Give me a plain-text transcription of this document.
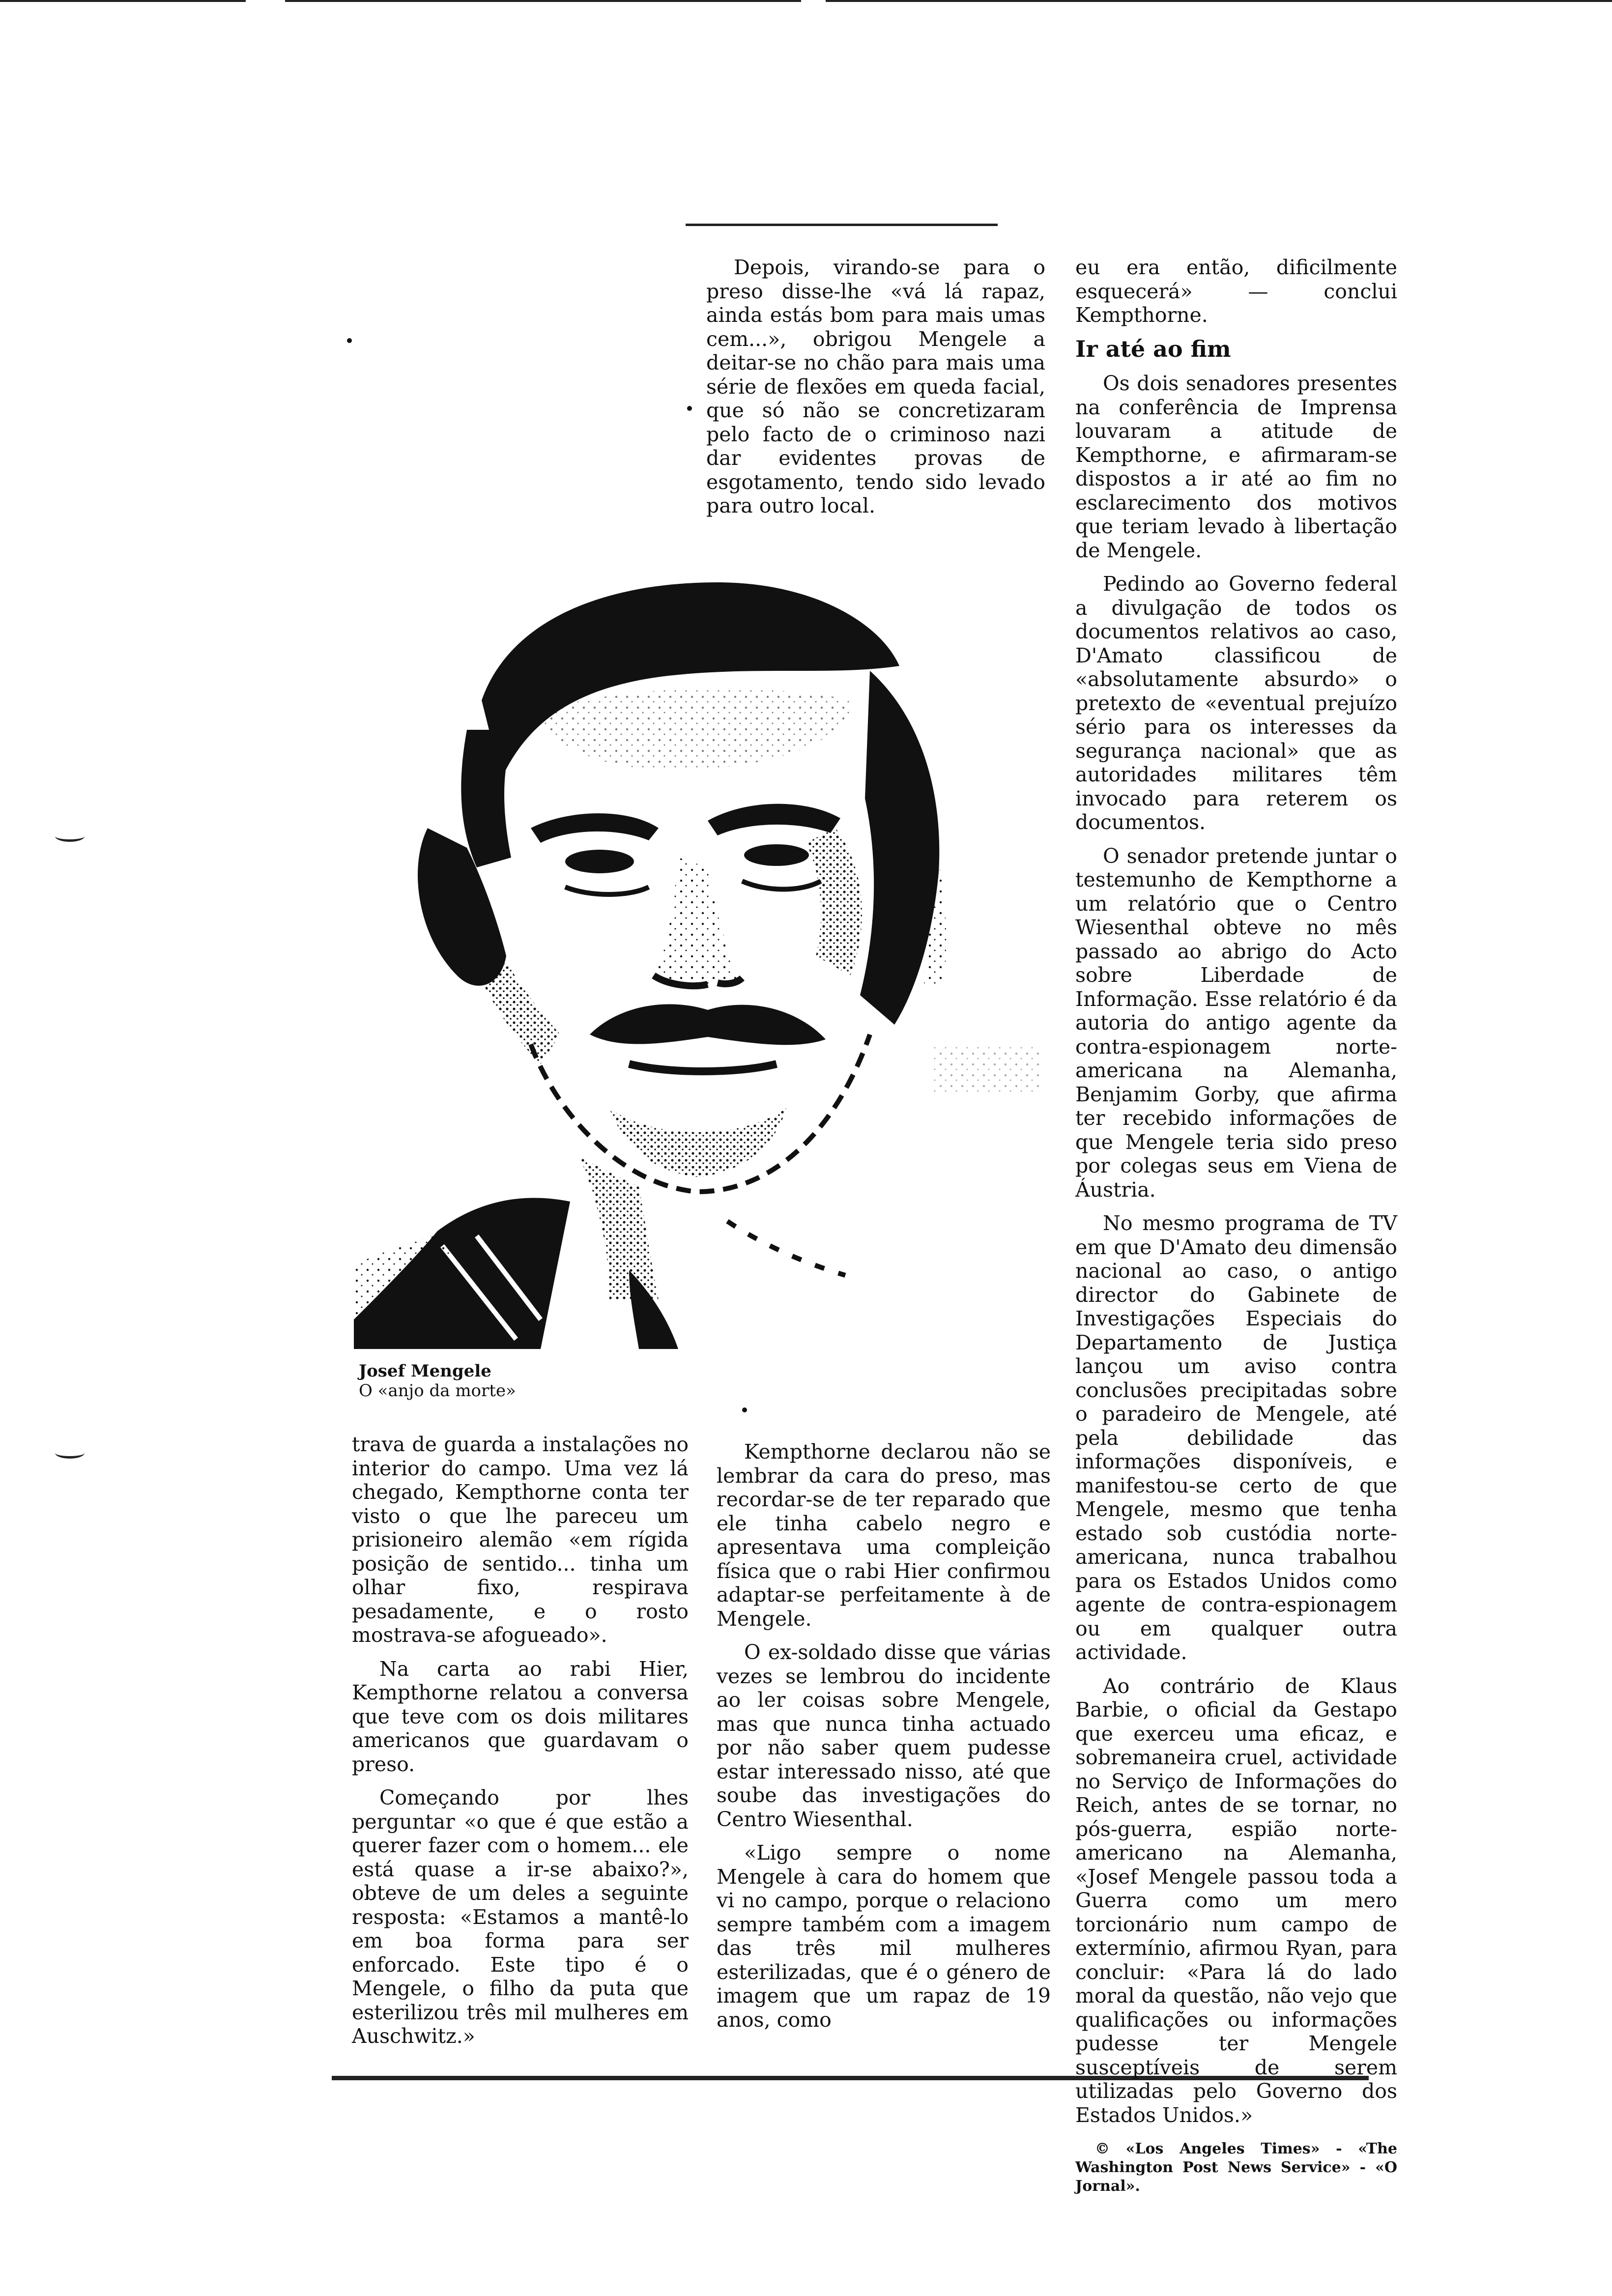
Depois, virando-se para o preso disse-lhe «vá lá rapaz, ainda estás bom para mais umas cem...», obrigou Mengele a deitar-se no chão para mais uma série de flexões em queda facial, que só não se concretizaram pelo facto de o criminoso nazi dar evidentes provas de esgotamento, tendo sido levado para outro local.

eu era então, dificilmente esquecerá» — conclui Kempthorne.

Ir até ao fim

Os dois senadores presentes na conferência de Imprensa louvaram a atitude de Kempthorne, e afirmaram-se dispostos a ir até ao fim no esclarecimento dos motivos que teriam levado à libertação de Mengele.

Pedindo ao Governo federal a divulgação de todos os documentos relativos ao caso, D'Amato classificou de «absolutamente absurdo» o pretexto de «eventual prejuízo sério para os interesses da segurança nacional» que as autoridades militares têm invocado para reterem os documentos.

O senador pretende juntar o testemunho de Kempthorne a um relatório que o Centro Wiesenthal obteve no mês passado ao abrigo do Acto sobre Liberdade de Informação. Esse relatório é da autoria do antigo agente da contra-espionagem norte-americana na Alemanha, Benjamim Gorby, que afirma ter recebido informações de que Mengele teria sido preso por colegas seus em Viena de Áustria.

No mesmo programa de TV em que D'Amato deu dimensão nacional ao caso, o antigo director do Gabinete de Investigações Especiais do Departamento de Justiça lançou um aviso contra conclusões precipitadas sobre o paradeiro de Mengele, até pela debilidade das informações disponíveis, e manifestou-se certo de que Mengele, mesmo que tenha estado sob custódia norte-americana, nunca trabalhou para os Estados Unidos como agente de contra-espionagem ou em qualquer outra actividade.

Ao contrário de Klaus Barbie, o oficial da Gestapo que exerceu uma eficaz, e sobremaneira cruel, actividade no Serviço de Informações do Reich, antes de se tornar, no pós-guerra, espião norte-americano na Alemanha, «Josef Mengele passou toda a Guerra como um mero torcionário num campo de extermínio, afirmou Ryan, para concluir: «Para lá do lado moral da questão, não vejo que qualificações ou informações pudesse ter Mengele susceptíveis de serem utilizadas pelo Governo dos Estados Unidos.»

© «Los Angeles Times» - «The Washington Post News Service» - «O Jornal».

Josef Mengele
O «anjo da morte»

trava de guarda a instalações no interior do campo. Uma vez lá chegado, Kempthorne conta ter visto o que lhe pareceu um prisioneiro alemão «em rígida posição de sentido... tinha um olhar fixo, respirava pesadamente, e o rosto mostrava-se afogueado».

Na carta ao rabi Hier, Kempthorne relatou a conversa que teve com os dois militares americanos que guardavam o preso.

Começando por lhes perguntar «o que é que estão a querer fazer com o homem... ele está quase a ir-se abaixo?», obteve de um deles a seguinte resposta: «Estamos a mantê-lo em boa forma para ser enforcado. Este tipo é o Mengele, o filho da puta que esterilizou três mil mulheres em Auschwitz.»

Kempthorne declarou não se lembrar da cara do preso, mas recordar-se de ter reparado que ele tinha cabelo negro e apresentava uma compleição física que o rabi Hier confirmou adaptar-se perfeitamente à de Mengele.

O ex-soldado disse que várias vezes se lembrou do incidente ao ler coisas sobre Mengele, mas que nunca tinha actuado por não saber quem pudesse estar interessado nisso, até que soube das investigações do Centro Wiesenthal.

«Ligo sempre o nome Mengele à cara do homem que vi no campo, porque o relaciono sempre também com a imagem das três mil mulheres esterilizadas, que é o género de imagem que um rapaz de 19 anos, como
